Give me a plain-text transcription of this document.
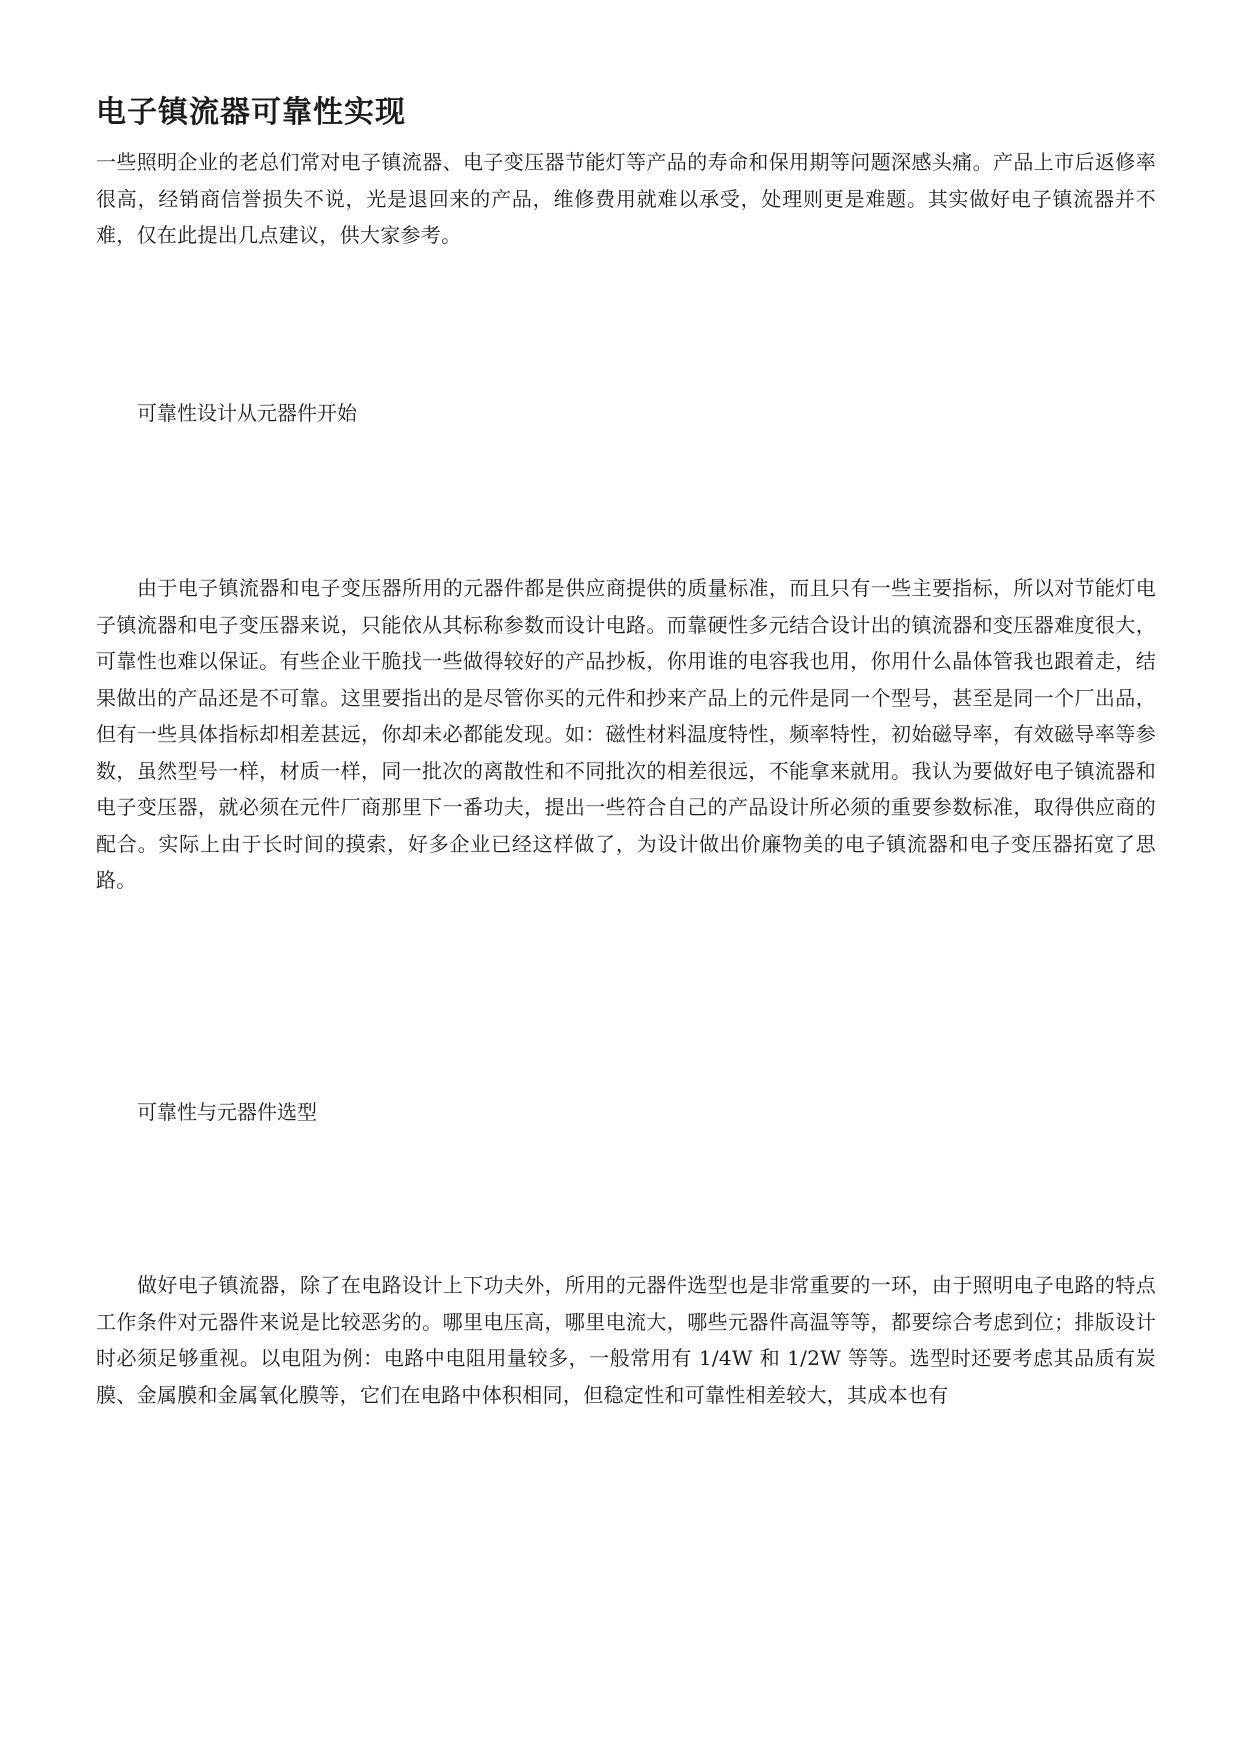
电子镇流器可靠性实现

一些照明企业的老总们常对电子镇流器、电子变压器节能灯等产品的寿命和保用期等问题深感头痛。产品上市后返修率很高，经销商信誉损失不说，光是退回来的产品，维修费用就难以承受，处理则更是难题。其实做好电子镇流器并不难，仅在此提出几点建议，供大家参考。

可靠性设计从元器件开始

由于电子镇流器和电子变压器所用的元器件都是供应商提供的质量标准，而且只有一些主要指标，所以对节能灯电子镇流器和电子变压器来说，只能依从其标称参数而设计电路。而靠硬性多元结合设计出的镇流器和变压器难度很大，可靠性也难以保证。有些企业干脆找一些做得较好的产品抄板，你用谁的电容我也用，你用什么晶体管我也跟着走，结果做出的产品还是不可靠。这里要指出的是尽管你买的元件和抄来产品上的元件是同一个型号，甚至是同一个厂出品，但有一些具体指标却相差甚远，你却未必都能发现。如：磁性材料温度特性，频率特性，初始磁导率，有效磁导率等参数，虽然型号一样，材质一样，同一批次的离散性和不同批次的相差很远，不能拿来就用。我认为要做好电子镇流器和电子变压器，就必须在元件厂商那里下一番功夫，提出一些符合自己的产品设计所必须的重要参数标准，取得供应商的配合。实际上由于长时间的摸索，好多企业已经这样做了，为设计做出价廉物美的电子镇流器和电子变压器拓宽了思路。

可靠性与元器件选型

做好电子镇流器，除了在电路设计上下功夫外，所用的元器件选型也是非常重要的一环，由于照明电子电路的特点工作条件对元器件来说是比较恶劣的。哪里电压高，哪里电流大，哪些元器件高温等等，都要综合考虑到位；排版设计时必须足够重视。以电阻为例：电路中电阻用量较多，一般常用有 1/4W 和 1/2W 等等。选型时还要考虑其品质有炭膜、金属膜和金属氧化膜等，它们在电路中体积相同，但稳定性和可靠性相差较大，其成本也有
